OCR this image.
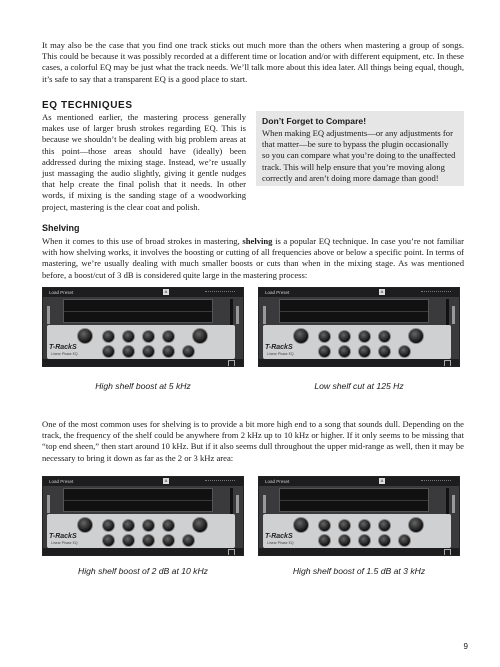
It may also be the case that you find one track sticks out much more than the others when mastering a group of songs. This could be because it was possibly recorded at a different time or location and/or with different equipment, etc. In these cases, a colorful EQ may be just what the track needs. We’ll talk more about this idea later. All things being equal, though, it’s safe to say that a transparent EQ is a good place to start.

EQ TECHNIQUES

As mentioned earlier, the mastering process generally makes use of larger brush strokes regarding EQ. This is because we shouldn’t be dealing with big problem areas at this point—those areas should have (ideally) been addressed during the mixing stage. Instead, we’re usually just massaging the audio slightly, giving it gentle nudges that help create the final polish that it needs. In other words, if mixing is the sanding stage of a woodworking project, mastering is the clear coat and polish.

Don’t Forget to Compare!

When making EQ adjustments—or any adjustments for that matter—be sure to bypass the plugin occasionally so you can compare what you’re doing to the unaffected track. This will help ensure that you’re moving along correctly and aren’t doing more damage than good!

Shelving

When it comes to this use of broad strokes in mastering, shelving is a popular EQ technique. In case you’re not familiar with how shelving works, it involves the boosting or cutting of all frequencies above or below a specific point. In terms of mastering, we’re usually dealing with much smaller boosts or cuts than when in the mixing stage. As was mentioned before, a boost/cut of 3 dB is considered quite large in the mastering process:

Load Preset	A
T-RackS
Linear Phase EQ

High shelf boost at 5 kHz

Load Preset	A
T-RackS
Linear Phase EQ

Low shelf cut at 125 Hz

One of the most common uses for shelving is to provide a bit more high end to a song that sounds dull. Depending on the track, the frequency of the shelf could be anywhere from 2 kHz up to 10 kHz or higher. If it only seems to be missing that “top end sheen,” then start around 10 kHz. But if it also seems dull throughout the upper mid-range as well, then it may be necessary to bring it down as far as the 2 or 3 kHz area:

Load Preset	A
T-RackS
Linear Phase EQ

High shelf boost of 2 dB at 10 kHz

Load Preset	A
T-RackS
Linear Phase EQ

High shelf boost of 1.5 dB at 3 kHz

9
